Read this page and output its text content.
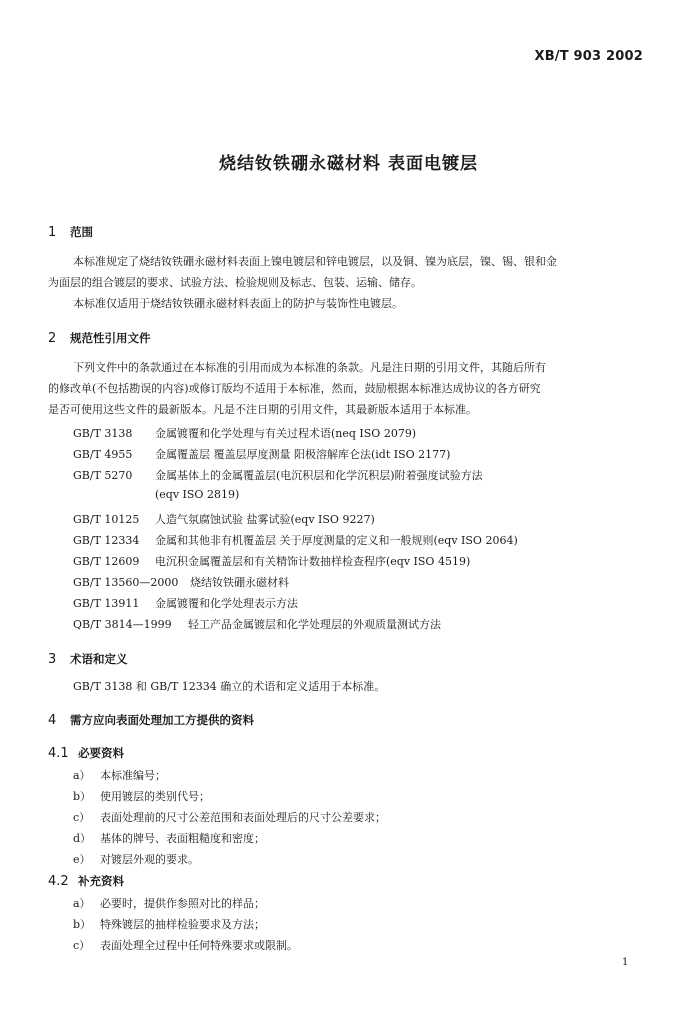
XB/T 903 2002
烧结钕铁硼永磁材料 表面电镀层
1 范围
本标准规定了烧结钕铁硼永磁材料表面上镍电镀层和锌电镀层，以及铜、镍为底层，镍、锡、银和金
为面层的组合镀层的要求、试验方法、检验规则及标志、包装、运输、储存。
本标准仅适用于烧结钕铁硼永磁材料表面上的防护与装饰性电镀层。
2 规范性引用文件
下列文件中的条款通过在本标准的引用而成为本标准的条款。凡是注日期的引用文件，其随后所有
的修改单(不包括勘误的内容)或修订版均不适用于本标准，然而，鼓励根据本标准达成协议的各方研究
是否可使用这些文件的最新版本。凡是不注日期的引用文件，其最新版本适用于本标准。
GB/T 3138 金属镀覆和化学处理与有关过程术语(neq ISO 2079)
GB/T 4955 金属覆盖层 覆盖层厚度测量 阳极溶解库仑法(idt ISO 2177)
GB/T 5270 金属基体上的金属覆盖层(电沉积层和化学沉积层)附着强度试验方法
(eqv ISO 2819)
GB/T 10125 人造气氛腐蚀试验 盐雾试验(eqv ISO 9227)
GB/T 12334 金属和其他非有机覆盖层 关于厚度测量的定义和一般规则(eqv ISO 2064)
GB/T 12609 电沉积金属覆盖层和有关精饰计数抽样检查程序(eqv ISO 4519)
GB/T 13560—2000 烧结钕铁硼永磁材料
GB/T 13911 金属镀覆和化学处理表示方法
QB/T 3814—1999 轻工产品金属镀层和化学处理层的外观质量测试方法
3 术语和定义
GB/T 3138 和 GB/T 12334 确立的术语和定义适用于本标准。
4 需方应向表面处理加工方提供的资料
4.1 必要资料
a） 本标准编号；
b） 使用镀层的类别代号；
c） 表面处理前的尺寸公差范围和表面处理后的尺寸公差要求；
d） 基体的牌号、表面粗糙度和密度；
e） 对镀层外观的要求。
4.2 补充资料
a） 必要时，提供作参照对比的样品；
b） 特殊镀层的抽样检验要求及方法；
c） 表面处理全过程中任何特殊要求或限制。
1
